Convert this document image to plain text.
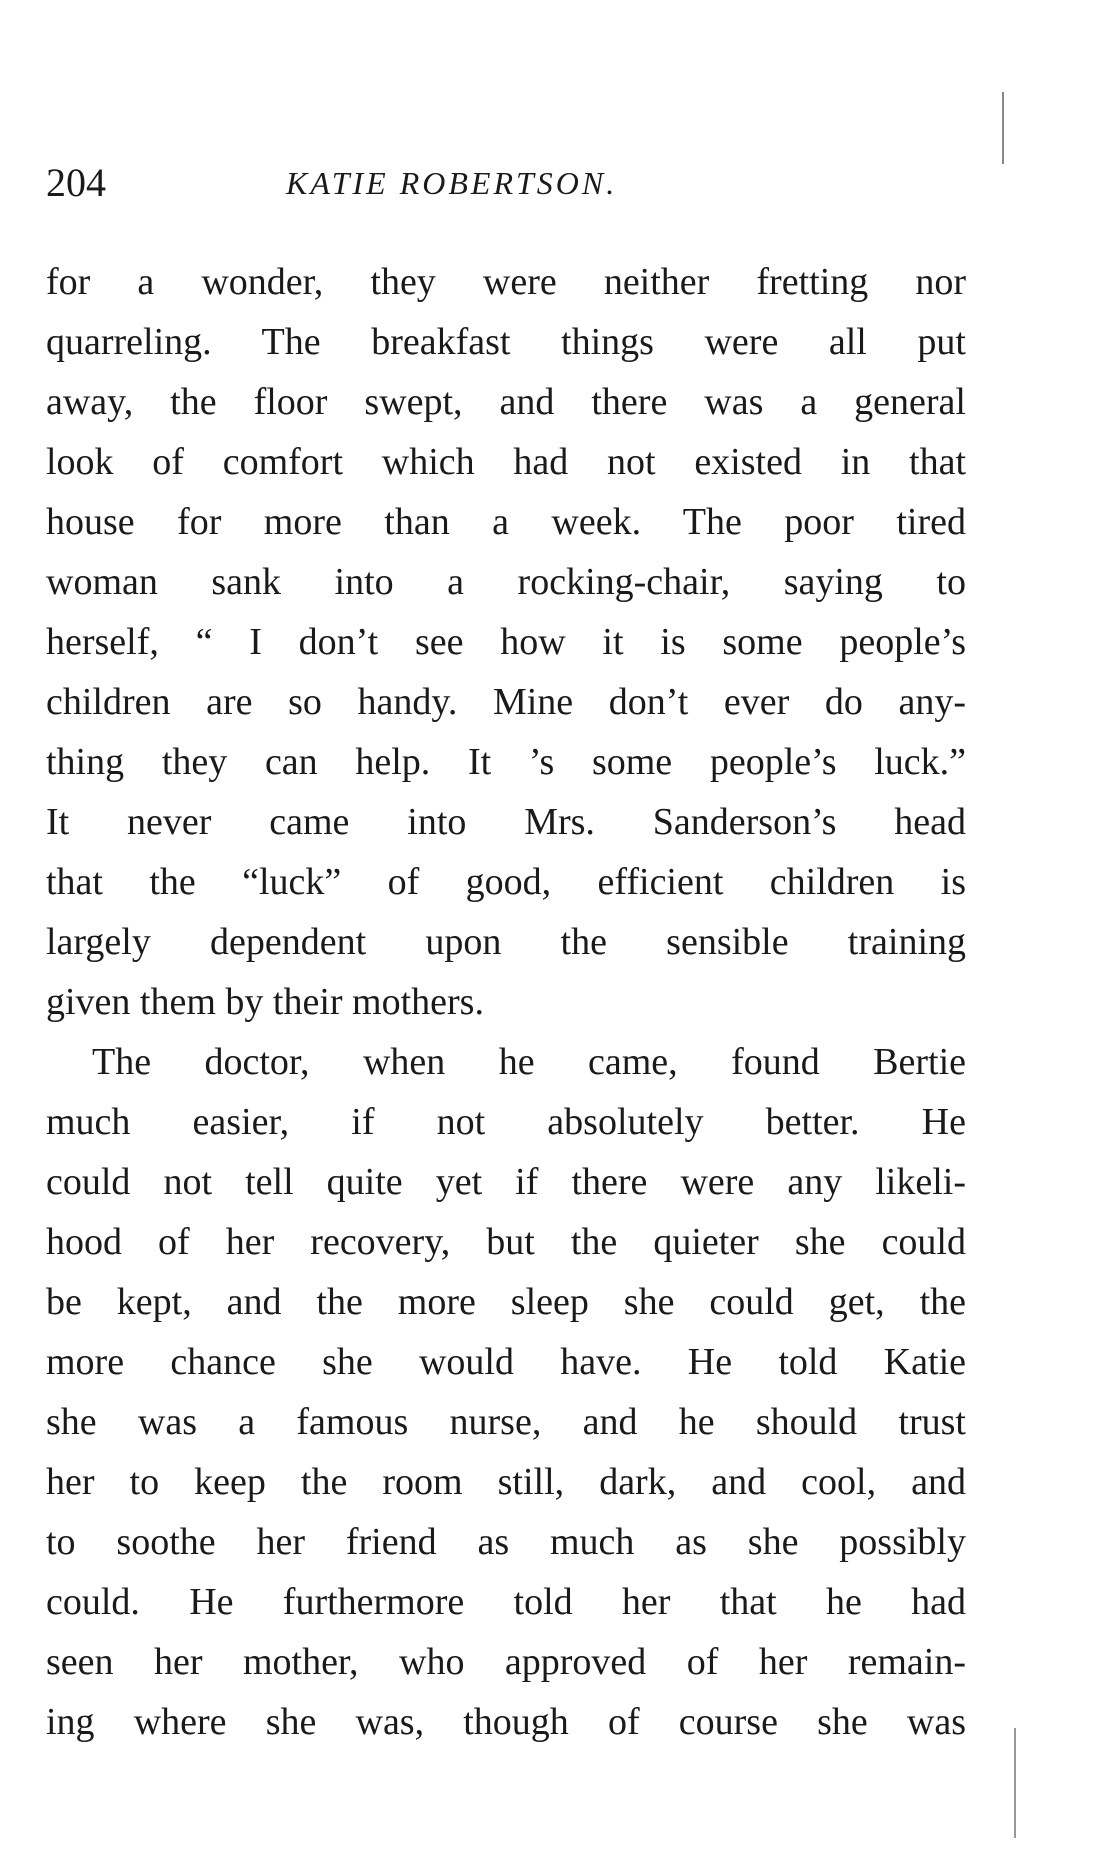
204	KATIE ROBERTSON.
for a wonder, they were neither fretting nor
quarreling. The breakfast things were all put
away, the floor swept, and there was a general
look of comfort which had not existed in that
house for more than a week. The poor tired
woman sank into a rocking-chair, saying to
herself, “ I don’t see how it is some people’s
children are so handy. Mine don’t ever do any-
thing they can help. It ’s some people’s luck.”
It never came into Mrs. Sanderson’s head
that the “luck” of good, efficient children is
largely dependent upon the sensible training
given them by their mothers.
The doctor, when he came, found Bertie
much easier, if not absolutely better. He
could not tell quite yet if there were any likeli-
hood of her recovery, but the quieter she could
be kept, and the more sleep she could get, the
more chance she would have. He told Katie
she was a famous nurse, and he should trust
her to keep the room still, dark, and cool, and
to soothe her friend as much as she possibly
could. He furthermore told her that he had
seen her mother, who approved of her remain-
ing where she was, though of course she was
